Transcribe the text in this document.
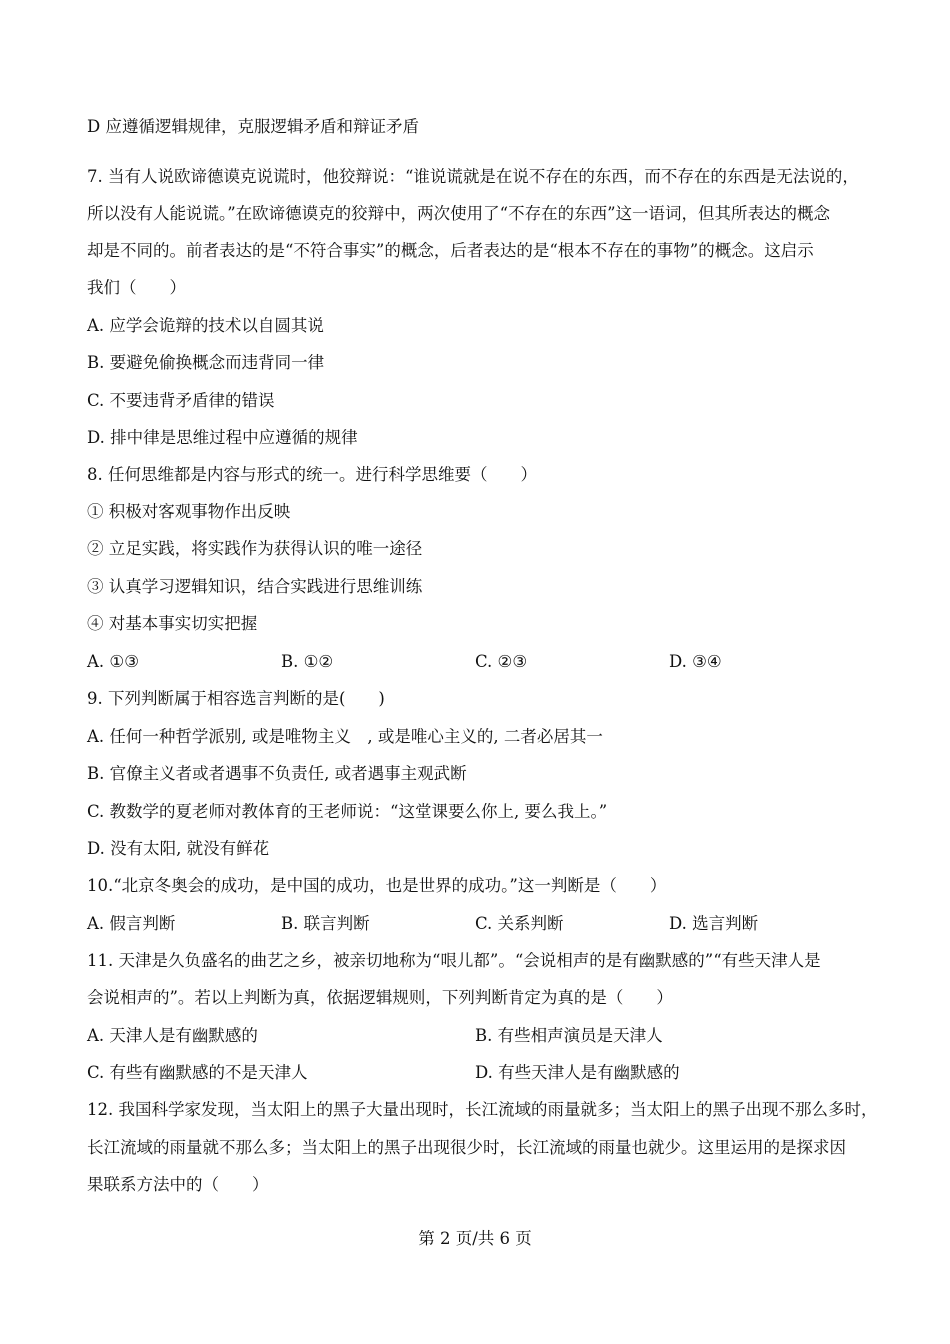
D 应遵循逻辑规律，克服逻辑矛盾和辩证矛盾
7. 当有人说欧谛德谟克说谎时，他狡辩说：“谁说谎就是在说不存在的东西，而不存在的东西是无法说的，
所以没有人能说谎。”在欧谛德谟克的狡辩中，两次使用了“不存在的东西”这一语词，但其所表达的概念
却是不同的。前者表达的是“不符合事实”的概念，后者表达的是“根本不存在的事物”的概念。这启示
我们（　　）
A. 应学会诡辩的技术以自圆其说
B. 要避免偷换概念而违背同一律
C. 不要违背矛盾律的错误
D. 排中律是思维过程中应遵循的规律
8. 任何思维都是内容与形式的统一。进行科学思维要（　　）
① 积极对客观事物作出反映
② 立足实践，将实践作为获得认识的唯一途径
③ 认真学习逻辑知识，结合实践进行思维训练
④ 对基本事实切实把握
A. ①③	B. ①②	C. ②③	D. ③④
9. 下列判断属于相容选言判断的是(　　)
A. 任何一种哲学派别, 或是唯物主义　, 或是唯心主义的, 二者必居其一
B. 官僚主义者或者遇事不负责任, 或者遇事主观武断
C. 教数学的夏老师对教体育的王老师说：“这堂课要么你上, 要么我上。”
D. 没有太阳, 就没有鲜花
10.“北京冬奥会的成功，是中国的成功，也是世界的成功。”这一判断是（　　）
A. 假言判断	B. 联言判断	C. 关系判断	D. 选言判断
11. 天津是久负盛名的曲艺之乡，被亲切地称为“哏儿都”。“会说相声的是有幽默感的”“有些天津人是
会说相声的”。若以上判断为真，依据逻辑规则，下列判断肯定为真的是（　　）
A. 天津人是有幽默感的	B. 有些相声演员是天津人
C. 有些有幽默感的不是天津人	D. 有些天津人是有幽默感的
12. 我国科学家发现，当太阳上的黑子大量出现时，长江流域的雨量就多；当太阳上的黑子出现不那么多时，
长江流域的雨量就不那么多；当太阳上的黑子出现很少时，长江流域的雨量也就少。这里运用的是探求因
果联系方法中的（　　）
第 2 页/共 6 页
